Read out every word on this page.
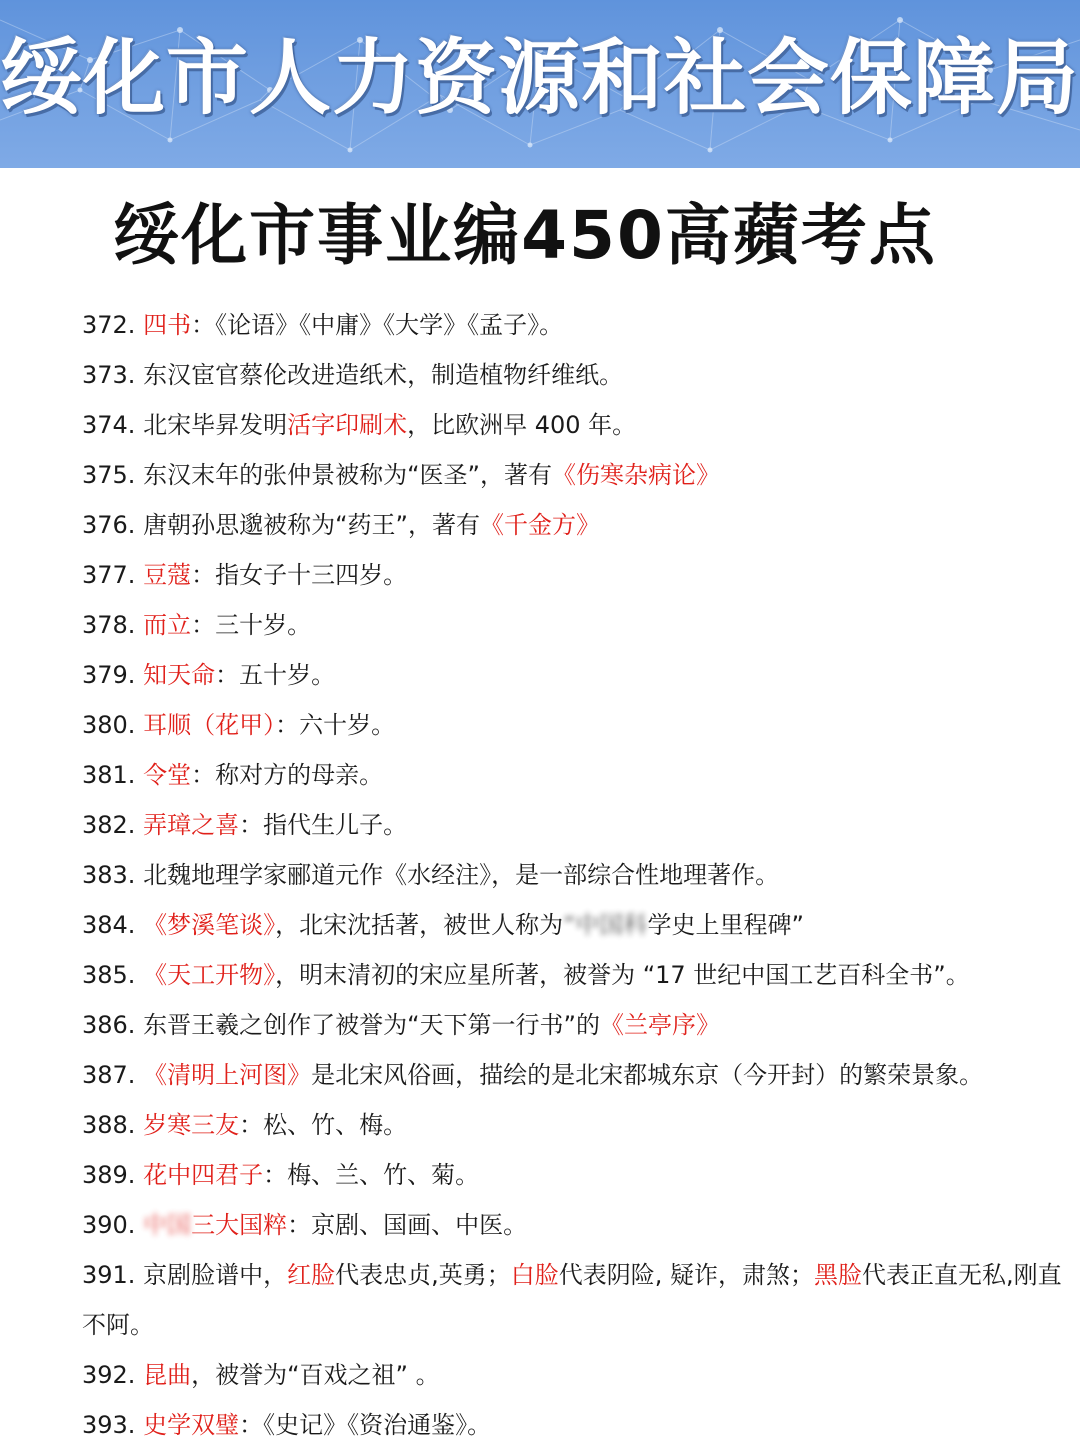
绥化市人力资源和社会保障局
绥化市事业编450高蘋考点
372. 四书：《论语》《中庸》《大学》《孟子》。
373. 东汉宦官蔡伦改进造纸术，制造植物纤维纸。
374. 北宋毕昇发明活字印刷术，比欧洲早 400 年。
375. 东汉末年的张仲景被称为“医圣”，著有《伤寒杂病论》
376. 唐朝孙思邈被称为“药王”，著有《千金方》
377. 豆蔻：指女子十三四岁。
378. 而立：三十岁。
379. 知天命：五十岁。
380. 耳顺（花甲）：六十岁。
381. 令堂：称对方的母亲。
382. 弄璋之喜：指代生儿子。
383. 北魏地理学家郦道元作《水经注》，是一部综合性地理著作。
384. 《梦溪笔谈》，北宋沈括著，被世人称为“中国科学史上里程碑”
385. 《天工开物》，明末清初的宋应星所著，被誉为 “17 世纪中国工艺百科全书”。
386. 东晋王羲之创作了被誉为“天下第一行书”的《兰亭序》
387. 《清明上河图》是北宋风俗画，描绘的是北宋都城东京（今开封）的繁荣景象。
388. 岁寒三友：松、竹、梅。
389. 花中四君子：梅、兰、竹、菊。
390. 中国三大国粹：京剧、国画、中医。
391. 京剧脸谱中，红脸代表忠贞,英勇；白脸代表阴险, 疑诈，肃煞；黑脸代表正直无私,刚直不阿。
392. 昆曲，被誉为“百戏之祖” 。
393. 史学双璧：《史记》《资治通鉴》。
